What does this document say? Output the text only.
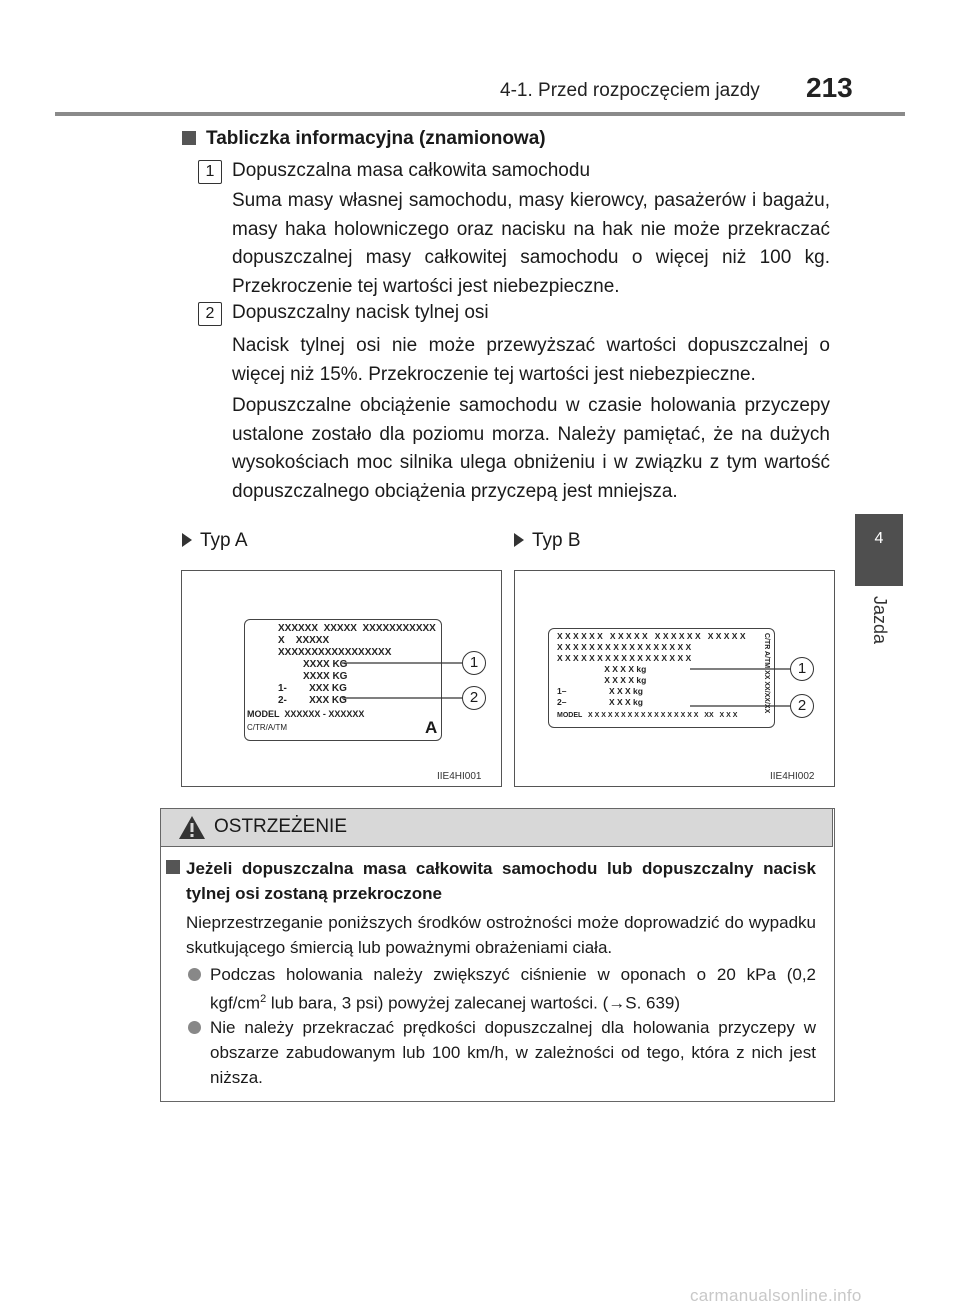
4-1. Przed rozpoczęciem jazdy 213
4
Jazda
Tabliczka informacyjna (znamionowa)
1 Dopuszczalna masa całkowita samochodu
Suma masy własnej samochodu, masy kierowcy, pasażerów i bagażu, masy haka holowniczego oraz nacisku na hak nie może przekraczać dopuszczalnej masy całkowitej samochodu o więcej niż 100 kg. Przekroczenie tej wartości jest niebezpieczne.
2 Dopuszczalny nacisk tylnej osi
Nacisk tylnej osi nie może przewyższać wartości dopuszczalnej o więcej niż 15%. Przekroczenie tej wartości jest niebezpieczne.
Dopuszczalne obciążenie samochodu w czasie holowania przyczepy ustalone zostało dla poziomu morza. Należy pamiętać, że na dużych wysokościach moc silnika ulega obniżeniu i w związku z tym wartość dopuszczalnego obciążenia przyczepą jest mniejsza.
Typ A	Typ B
XXXXXX  XXXXX  XXXXXXXXXXX
X    XXXXX
XXXXXXXXXXXXXXXXX
XXXX KG
XXXX KG
1-        XXX KG
2-        XXX KG
MODEL  XXXXXX - XXXXXX
C/TR/A/TM	A
1
2
IIE4HI001
X X X X X X   X X X X X   X X X X X X   X X X X X
X X X X X X X X X X X X X X X X X
X X X X X X X X X X X X X X X X X
X X X X kg
X X X X kg
1–                  X X X kg
2–                  X X X kg
MODEL   X X X X X X X X X X X X X X X X X   XX   X X X
C/TR A/TM XX XX/XX/XX	1
2
IIE4HI002
OSTRZEŻENIE
Jeżeli dopuszczalna masa całkowita samochodu lub dopuszczalny nacisk tylnej osi zostaną przekroczone
Nieprzestrzeganie poniższych środków ostrożności może doprowadzić do wypadku skutkującego śmiercią lub poważnymi obrażeniami ciała.
Podczas holowania należy zwiększyć ciśnienie w oponach o 20 kPa (0,2 kgf/$cm^2$ lub bara, 3 psi) powyżej zalecanej wartości. (→S. 639)
Nie należy przekraczać prędkości dopuszczalnej dla holowania przyczepy w obszarze zabudowanym lub 100 km/h, w zależności od tego, która z nich jest niższa.
carmanualsonline.info
